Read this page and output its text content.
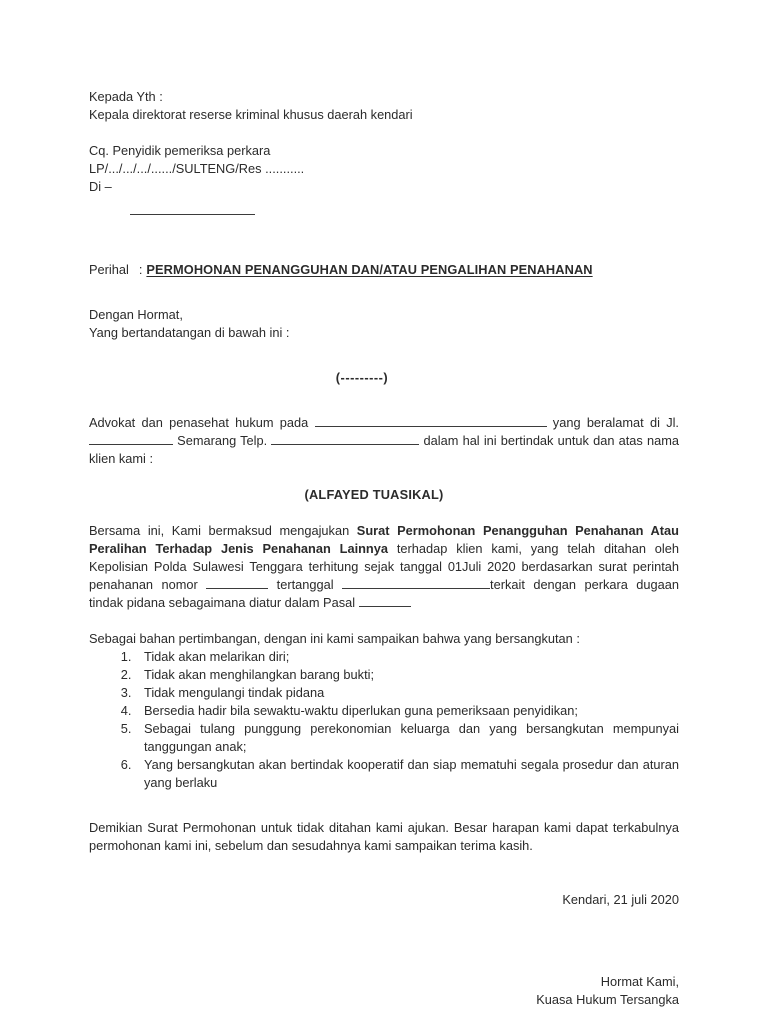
Kepada Yth :
Kepala direktorat reserse kriminal khusus daerah kendari
Cq. Penyidik pemeriksa perkara
LP/.../.../.../....../SULTENG/Res ...........
Di –
Perihal : PERMOHONAN PENANGGUHAN DAN/ATAU PENGALIHAN PENAHANAN
Dengan Hormat,
Yang bertandatangan di bawah ini :
(---------)

Advokat dan penasehat hukum pada	yang beralamat di Jl.  Semarang Telp.	dalam hal ini bertindak untuk dan atas nama klien kami :

(ALFAYED TUASIKAL)

Bersama ini, Kami bermaksud mengajukan Surat Permohonan Penangguhan Penahanan Atau Peralihan Terhadap Jenis Penahanan Lainnya terhadap klien kami, yang telah ditahan oleh Kepolisian Polda Sulawesi Tenggara terhitung sejak tanggal 01Juli 2020 berdasarkan surat perintah penahanan nomor	tertanggal	terkait dengan perkara dugaan tindak pidana sebagaimana diatur dalam Pasal

Sebagai bahan pertimbangan, dengan ini kami sampaikan bahwa yang bersangkutan :
1. Tidak akan melarikan diri;
2. Tidak akan menghilangkan barang bukti;
3. Tidak mengulangi tindak pidana
4. Bersedia hadir bila sewaktu-waktu diperlukan guna pemeriksaan penyidikan;
5. Sebagai tulang punggung perekonomian keluarga dan yang bersangkutan mempunyai tanggungan anak;
6. Yang bersangkutan akan bertindak kooperatif dan siap mematuhi segala prosedur dan aturan yang berlaku

Demikian Surat Permohonan untuk tidak ditahan kami ajukan. Besar harapan kami dapat terkabulnya permohonan kami ini, sebelum dan sesudahnya kami sampaikan terima kasih.

Kendari, 21 juli 2020
Hormat Kami,
Kuasa Hukum Tersangka
